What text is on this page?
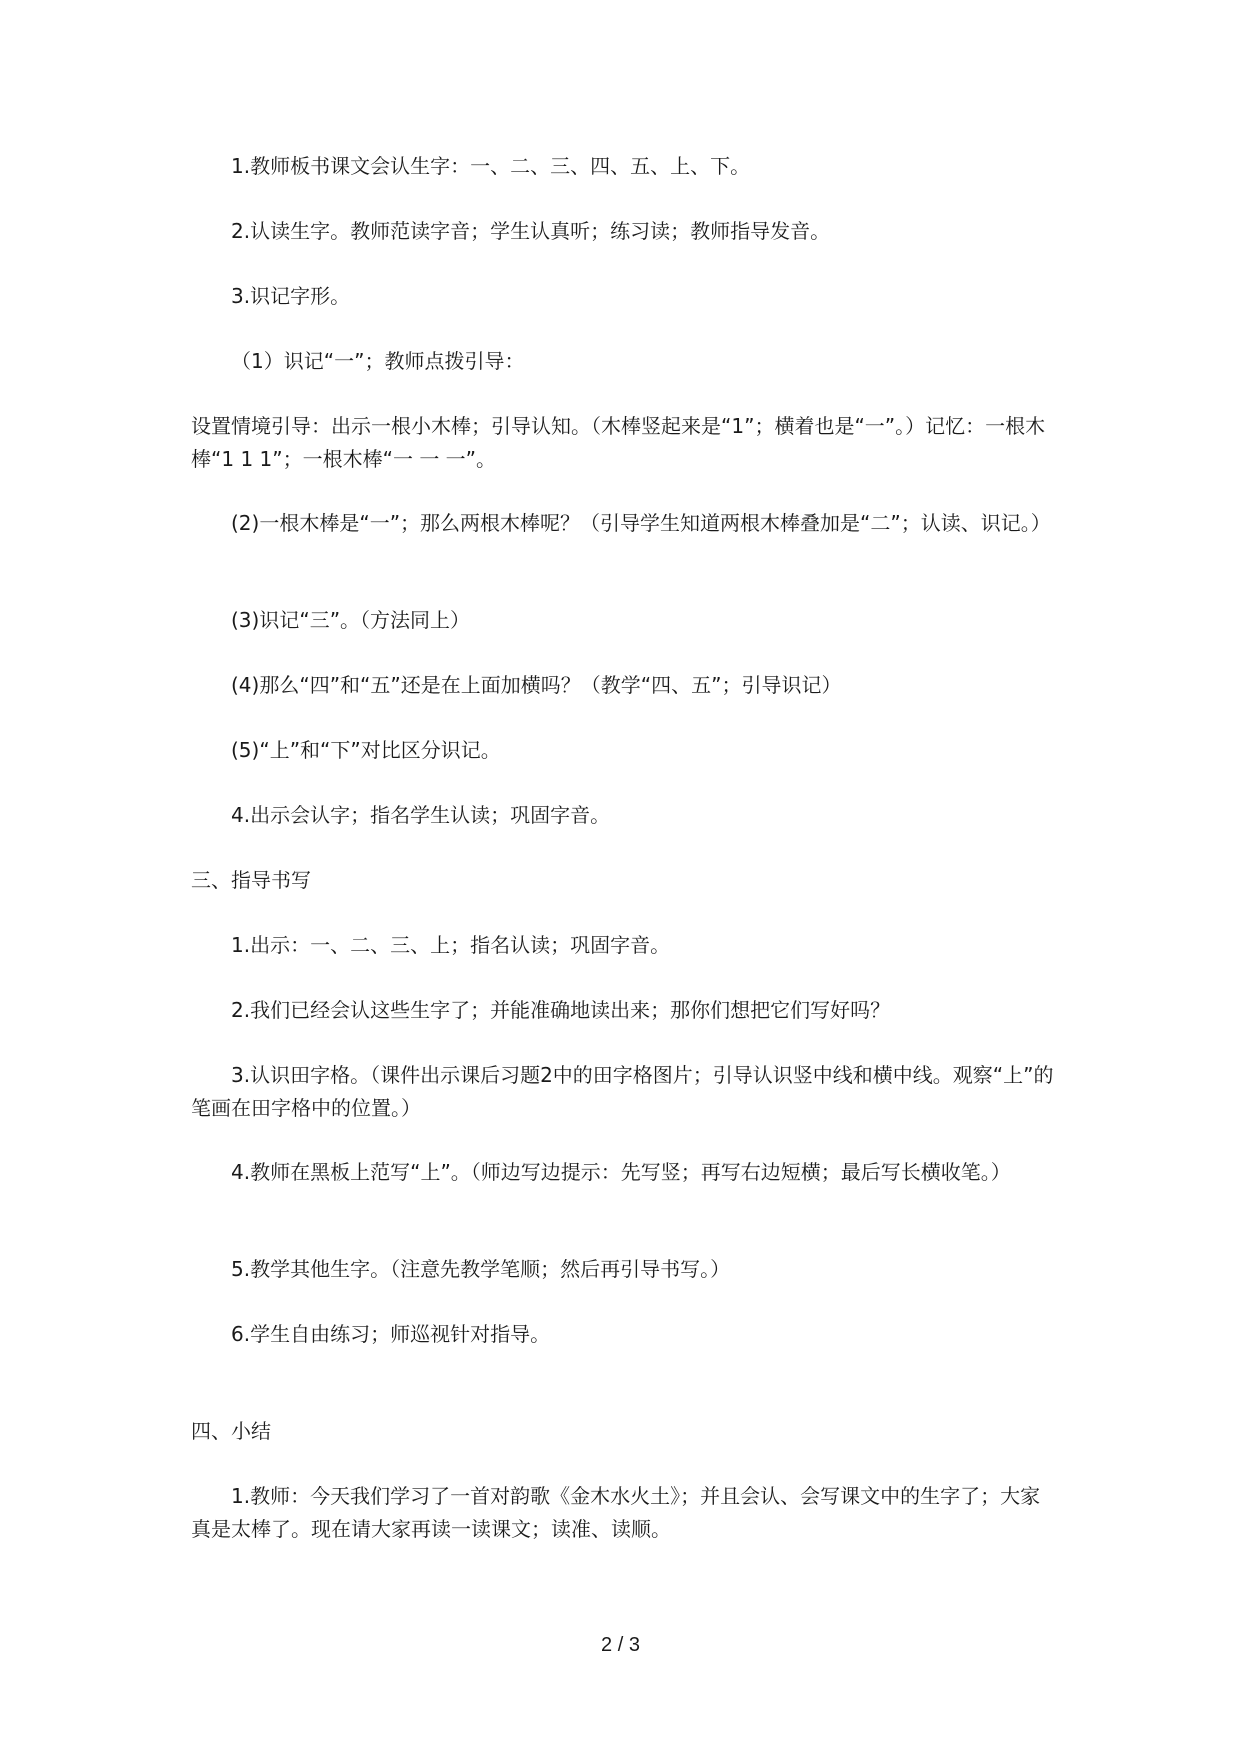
1.教师板书课文会认生字：一、二、三、四、五、上、下。

2.认读生字。教师范读字音；学生认真听；练习读；教师指导发音。

3.识记字形。

（1）识记“一”；教师点拨引导：

设置情境引导：出示一根小木棒；引导认知。（木棒竖起来是“1”；横着也是“一”。）记忆：一根木棒“1 1 1”；一根木棒“一 一 一”。

(2)一根木棒是“一”；那么两根木棒呢？（引导学生知道两根木棒叠加是“二”；认读、识记。）

(3)识记“三”。（方法同上）

(4)那么“四”和“五”还是在上面加横吗？（教学“四、五”；引导识记）

(5)“上”和“下”对比区分识记。

4.出示会认字；指名学生认读；巩固字音。

三、指导书写

1.出示：一、二、三、上；指名认读；巩固字音。

2.我们已经会认这些生字了；并能准确地读出来；那你们想把它们写好吗？

3.认识田字格。（课件出示课后习题2中的田字格图片；引导认识竖中线和横中线。观察“上”的笔画在田字格中的位置。）

4.教师在黑板上范写“上”。（师边写边提示：先写竖；再写右边短横；最后写长横收笔。）

5.教学其他生字。（注意先教学笔顺；然后再引导书写。）

6.学生自由练习；师巡视针对指导。

四、小结

1.教师：今天我们学习了一首对韵歌《金木水火土》；并且会认、会写课文中的生字了；大家真是太棒了。现在请大家再读一读课文；读准、读顺。

2 / 3
